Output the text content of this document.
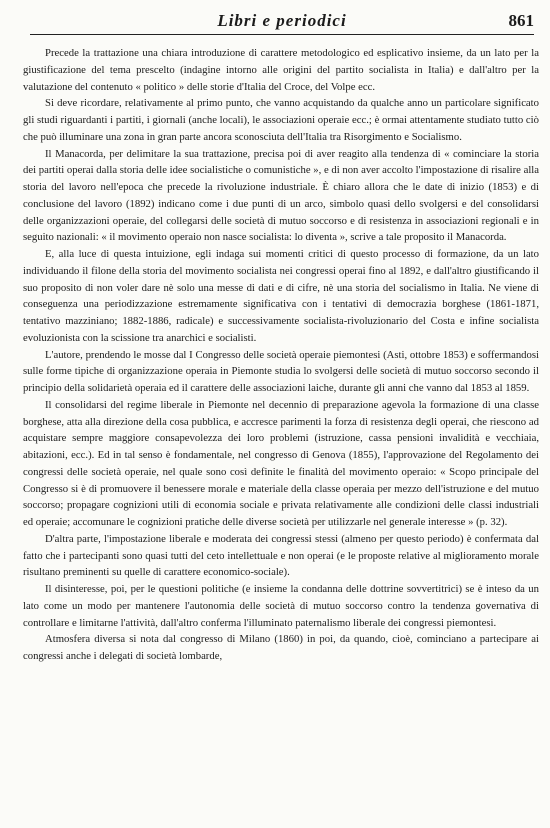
Libri e periodici	861

Precede la trattazione una chiara introduzione di carattere metodologico ed esplicativo insieme, da un lato per la giustificazione del tema prescelto (indagine intorno alle origini del partito socialista in Italia) e dall'altro per la valutazione del contenuto « politico » delle storie d'Italia del Croce, del Volpe ecc.

Si deve ricordare, relativamente al primo punto, che vanno acquistando da qualche anno un particolare significato gli studi riguardanti i partiti, i giornali (anche locali), le associazioni operaie ecc.; è ormai attentamente studiato tutto ciò che può illuminare una zona in gran parte ancora sconosciuta dell'Italia tra Risorgimento e Socialismo.

Il Manacorda, per delimitare la sua trattazione, precisa poi di aver reagito alla tendenza di « cominciare la storia dei partiti operai dalla storia delle idee socialistiche o comunistiche », e di non aver accolto l'impostazione di risalire alla storia del lavoro nell'epoca che precede la rivoluzione industriale. È chiaro allora che le date di inizio (1853) e di conclusione del lavoro (1892) indicano come i due punti di un arco, simbolo quasi dello svolgersi e del consolidarsi delle organizzazioni operaie, del collegarsi delle società di mutuo soccorso e di resistenza in associazioni regionali e in seguito nazionali: « il movimento operaio non nasce socialista: lo diventa », scrive a tale proposito il Manacorda.

E, alla luce di questa intuizione, egli indaga sui momenti critici di questo processo di formazione, da un lato individuando il filone della storia del movimento socialista nei congressi operai fino al 1892, e dall'altro giustificando il suo proposito di non voler dare nè solo una messe di dati e di cifre, nè una storia del socialismo in Italia. Ne viene di conseguenza una periodizzazione estremamente significativa con i tentativi di democrazia borghese (1861-1871, tentativo mazziniano; 1882-1886, radicale) e successivamente socialista-rivoluzionario del Costa e infine socialista evoluzionista con la scissione tra anarchici e socialisti.

L'autore, prendendo le mosse dal I Congresso delle società operaie piemontesi (Asti, ottobre 1853) e soffermandosi sulle forme tipiche di organizzazione operaia in Piemonte studia lo svolgersi delle società di mutuo soccorso secondo il principio della solidarietà operaia ed il carattere delle associazioni laiche, durante gli anni che vanno dal 1853 al 1859.

Il consolidarsi del regime liberale in Piemonte nel decennio di preparazione agevola la formazione di una classe borghese, atta alla direzione della cosa pubblica, e accresce parimenti la forza di resistenza degli operai, che riescono ad acquistare sempre maggiore consapevolezza dei loro problemi (istruzione, cassa pensioni invalidità e vecchiaia, abitazioni, ecc.). Ed in tal senso è fondamentale, nel congresso di Genova (1855), l'approvazione del Regolamento dei congressi delle società operaie, nel quale sono così definite le finalità del movimento operaio: « Scopo principale del Congresso si è di promuovere il benessere morale e materiale della classe operaia per mezzo dell'istruzione e del mutuo soccorso; propagare cognizioni utili di economia sociale e privata relativamente alle condizioni delle classi industriali ed operaie; accomunare le cognizioni pratiche delle diverse società per utilizzarle nel generale interesse » (p. 32).

D'altra parte, l'impostazione liberale e moderata dei congressi stessi (almeno per questo periodo) è confermata dal fatto che i partecipanti sono quasi tutti del ceto intellettuale e non operai (e le proposte relative al miglioramento morale risultano preminenti su quelle di carattere economico-sociale).

Il disinteresse, poi, per le questioni politiche (e insieme la condanna delle dottrine sovvertitrici) se è inteso da un lato come un modo per mantenere l'autonomia delle società di mutuo soccorso contro la tendenza governativa di controllare e limitarne l'attività, dall'altro conferma l'illuminato paternalismo liberale dei congressi piemontesi.

Atmosfera diversa si nota dal congresso di Milano (1860) in poi, da quando, cioè, cominciano a partecipare ai congressi anche i delegati di società lombarde,
